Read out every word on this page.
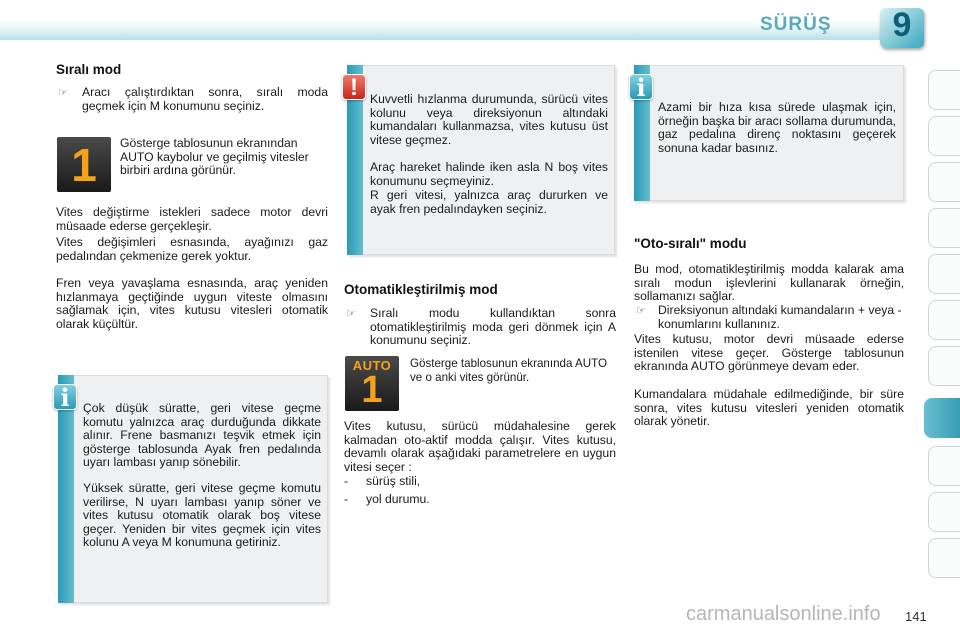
SÜRÜŞ	9
Sıralı mod
☞ Aracı çalıştırdıktan sonra, sıralı moda geçmek için M konumunu seçiniz.

1	Gösterge tablosunun ekranından AUTO kaybolur ve geçilmiş vitesler birbiri ardına görünür.

Vites değiştirme istekleri sadece motor devri müsaade ederse gerçekleşir.

Vites değişimleri esnasında, ayağınızı gaz pedalından çekmenize gerek yoktur.

Fren veya yavaşlama esnasında, araç yeniden hızlanmaya geçtiğinde uygun viteste olmasını sağlamak için, vites kutusu vitesleri otomatik olarak küçültür.

i	Çok düşük süratte, geri vitese geçme komutu yalnızca araç durduğunda dikkate alınır. Frene basmanızı teşvik etmek için gösterge tablosunda Ayak fren pedalında uyarı lambası yanıp sönebilir.

Yüksek süratte, geri vitese geçme komutu verilirse, N uyarı lambası yanıp söner ve vites kutusu otomatik olarak boş vitese geçer. Yeniden bir vites geçmek için vites kolunu A veya M konumuna getiriniz.

! Kuvvetli hızlanma durumunda, sürücü vites kolunu veya direksiyonun altındaki kumandaları kullanmazsa, vites kutusu üst vitese geçmez.

Araç hareket halinde iken asla N boş vites konumunu seçmeyiniz.

R geri vitesi, yalnızca araç dururken ve ayak fren pedalındayken seçiniz.

Otomatikleştirilmiş mod
☞ Sıralı modu kullandıktan sonra otomatikleştirilmiş moda geri dönmek için A konumunu seçiniz.

AUTO
1

Gösterge tablosunun ekranında AUTO ve o anki vites görünür.

Vites kutusu, sürücü müdahalesine gerek kalmadan oto-aktif modda çalışır. Vites kutusu, devamlı olarak aşağıdaki parametrelere en uygun vitesi seçer :

- sürüş stili,

- yol durumu.

i

Azami bir hıza kısa sürede ulaşmak için, örneğin başka bir aracı sollama durumunda, gaz pedalına direnç noktasını geçerek sonuna kadar basınız.

"Oto-sıralı" modu

Bu mod, otomatikleştirilmiş modda kalarak ama sıralı modun işlevlerini kullanarak örneğin, sollamanızı sağlar.

☞ Direksiyonun altındaki kumandaların + veya - konumlarını kullanınız.

Vites kutusu, motor devri müsaade ederse istenilen vitese geçer. Gösterge tablosunun ekranında AUTO görünmeye devam eder.

Kumandalara müdahale edilmediğinde, bir süre sonra, vites kutusu vitesleri yeniden otomatik olarak yönetir.

carmanualsonline.info 141
